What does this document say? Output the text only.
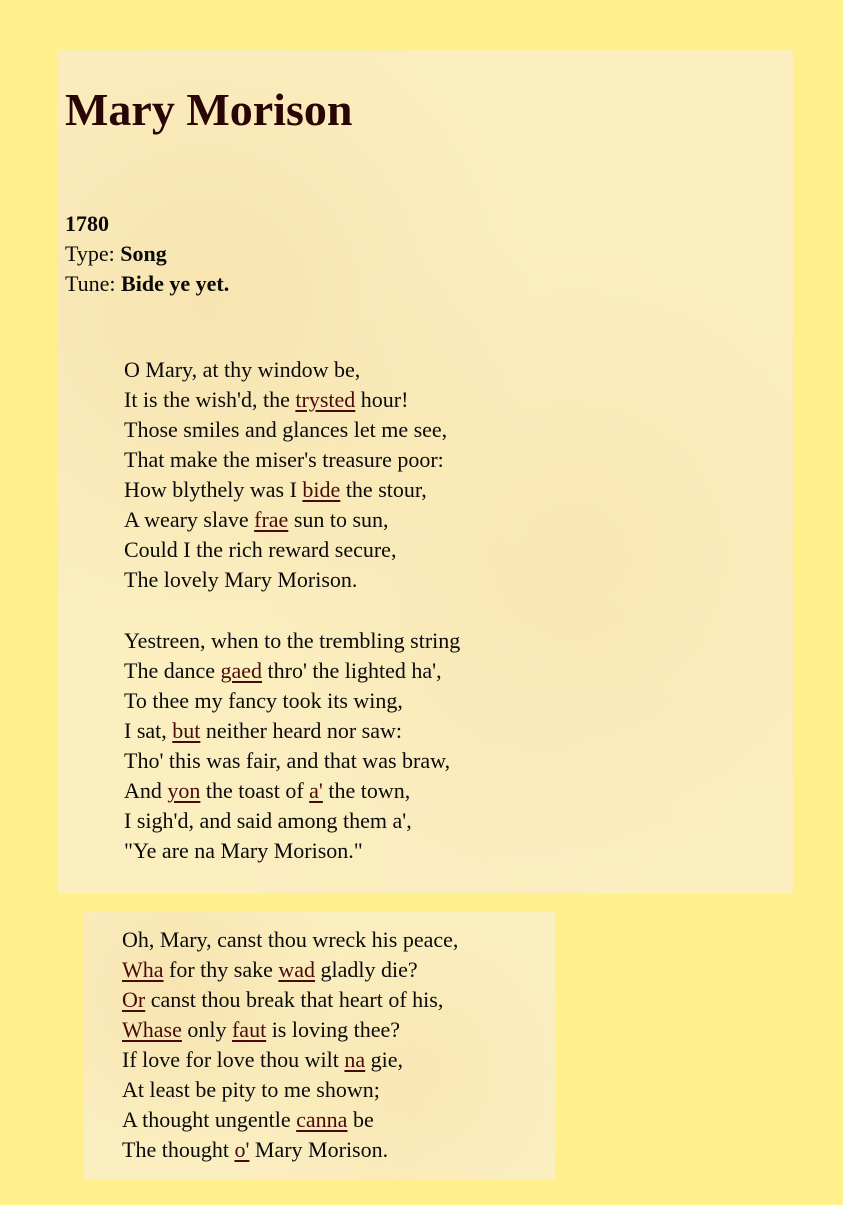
Mary Morison
1780
Type: Song
Tune: Bide ye yet.
O Mary, at thy window be,
It is the wish'd, the trysted hour!
Those smiles and glances let me see,
That make the miser's treasure poor:
How blythely was I bide the stour,
A weary slave frae sun to sun,
Could I the rich reward secure,
The lovely Mary Morison.
Yestreen, when to the trembling string
The dance gaed thro' the lighted ha',
To thee my fancy took its wing,
I sat, but neither heard nor saw:
Tho' this was fair, and that was braw,
And yon the toast of a' the town,
I sigh'd, and said among them a',
"Ye are na Mary Morison."
Oh, Mary, canst thou wreck his peace,
Wha for thy sake wad gladly die?
Or canst thou break that heart of his,
Whase only faut is loving thee?
If love for love thou wilt na gie,
At least be pity to me shown;
A thought ungentle canna be
The thought o' Mary Morison.
